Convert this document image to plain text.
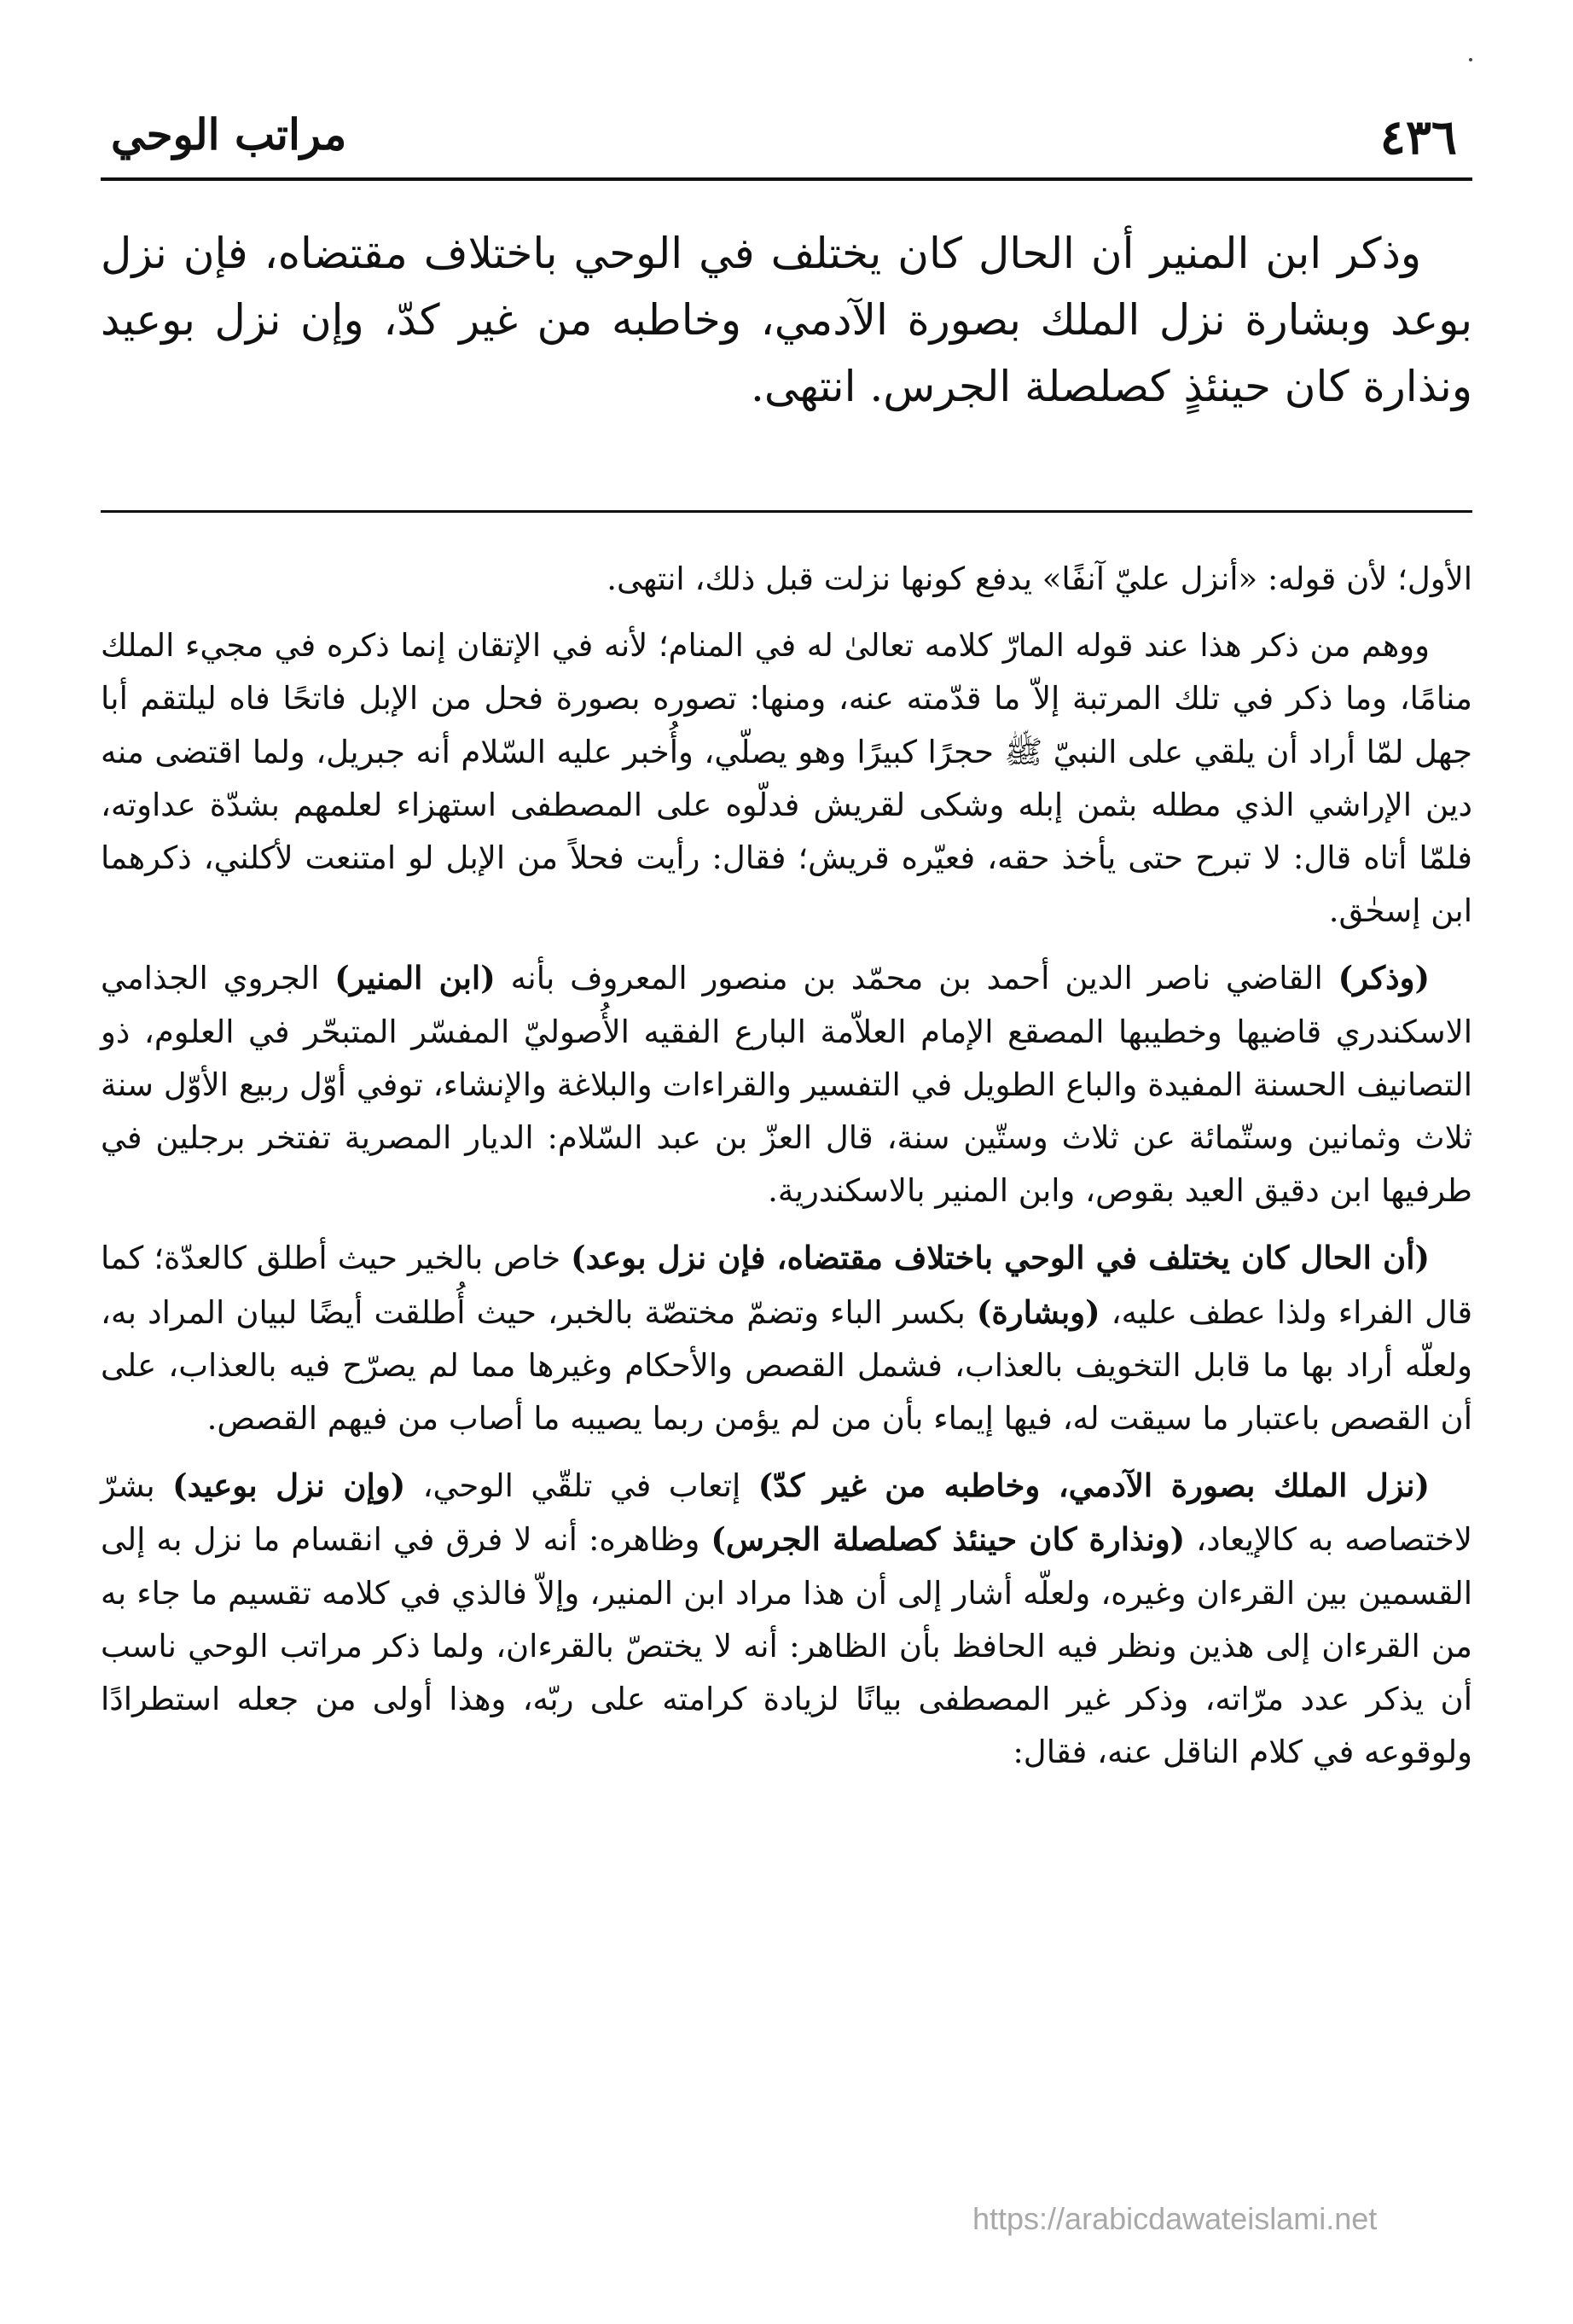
٤٣٦
مراتب الوحي

وذكر ابن المنير أن الحال كان يختلف في الوحي باختلاف مقتضاه، فإن نزل بوعد وبشارة نزل الملك بصورة الآدمي، وخاطبه من غير كدّ، وإن نزل بوعيد ونذارة كان حينئذٍ كصلصلة الجرس. انتهى.

الأول؛ لأن قوله: «أنزل عليّ آنفًا» يدفع كونها نزلت قبل ذلك، انتهى.

ووهم من ذكر هذا عند قوله المارّ كلامه تعالىٰ له في المنام؛ لأنه في الإتقان إنما ذكره في مجيء الملك منامًا، وما ذكر في تلك المرتبة إلاّ ما قدّمته عنه، ومنها: تصوره بصورة فحل من الإبل فاتحًا فاه ليلتقم أبا جهل لمّا أراد أن يلقي على النبيّ ﷺ حجرًا كبيرًا وهو يصلّي، وأُخبر عليه السّلام أنه جبريل، ولما اقتضى منه دين الإراشي الذي مطله بثمن إبله وشكى لقريش فدلّوه على المصطفى استهزاء لعلمهم بشدّة عداوته، فلمّا أتاه قال: لا تبرح حتى يأخذ حقه، فعيّره قريش؛ فقال: رأيت فحلاً من الإبل لو امتنعت لأكلني، ذكرهما ابن إسحٰق.

(وذكر) القاضي ناصر الدين أحمد بن محمّد بن منصور المعروف بأنه (ابن المنير) الجروي الجذامي الاسكندري قاضيها وخطيبها المصقع الإمام العلاّمة البارع الفقيه الأُصوليّ المفسّر المتبحّر في العلوم، ذو التصانيف الحسنة المفيدة والباع الطويل في التفسير والقراءات والبلاغة والإنشاء، توفي أوّل ربيع الأوّل سنة ثلاث وثمانين وستّمائة عن ثلاث وستّين سنة، قال العزّ بن عبد السّلام: الديار المصرية تفتخر برجلين في طرفيها ابن دقيق العيد بقوص، وابن المنير بالاسكندرية.

(أن الحال كان يختلف في الوحي باختلاف مقتضاه، فإن نزل بوعد) خاص بالخير حيث أطلق كالعدّة؛ كما قال الفراء ولذا عطف عليه، (وبشارة) بكسر الباء وتضمّ مختصّة بالخبر، حيث أُطلقت أيضًا لبيان المراد به، ولعلّه أراد بها ما قابل التخويف بالعذاب، فشمل القصص والأحكام وغيرها مما لم يصرّح فيه بالعذاب، على أن القصص باعتبار ما سيقت له، فيها إيماء بأن من لم يؤمن ربما يصيبه ما أصاب من فيهم القصص.

(نزل الملك بصورة الآدمي، وخاطبه من غير كدّ) إتعاب في تلقّي الوحي، (وإن نزل بوعيد) بشرّ لاختصاصه به كالإيعاد، (ونذارة كان حينئذ كصلصلة الجرس) وظاهره: أنه لا فرق في انقسام ما نزل به إلى القسمين بين القرءان وغيره، ولعلّه أشار إلى أن هذا مراد ابن المنير، وإلاّ فالذي في كلامه تقسيم ما جاء به من القرءان إلى هذين ونظر فيه الحافظ بأن الظاهر: أنه لا يختصّ بالقرءان، ولما ذكر مراتب الوحي ناسب أن يذكر عدد مرّاته، وذكر غير المصطفى بيانًا لزيادة كرامته على ربّه، وهذا أولى من جعله استطرادًا ولوقوعه في كلام الناقل عنه، فقال:

https://arabicdawateislami.net
